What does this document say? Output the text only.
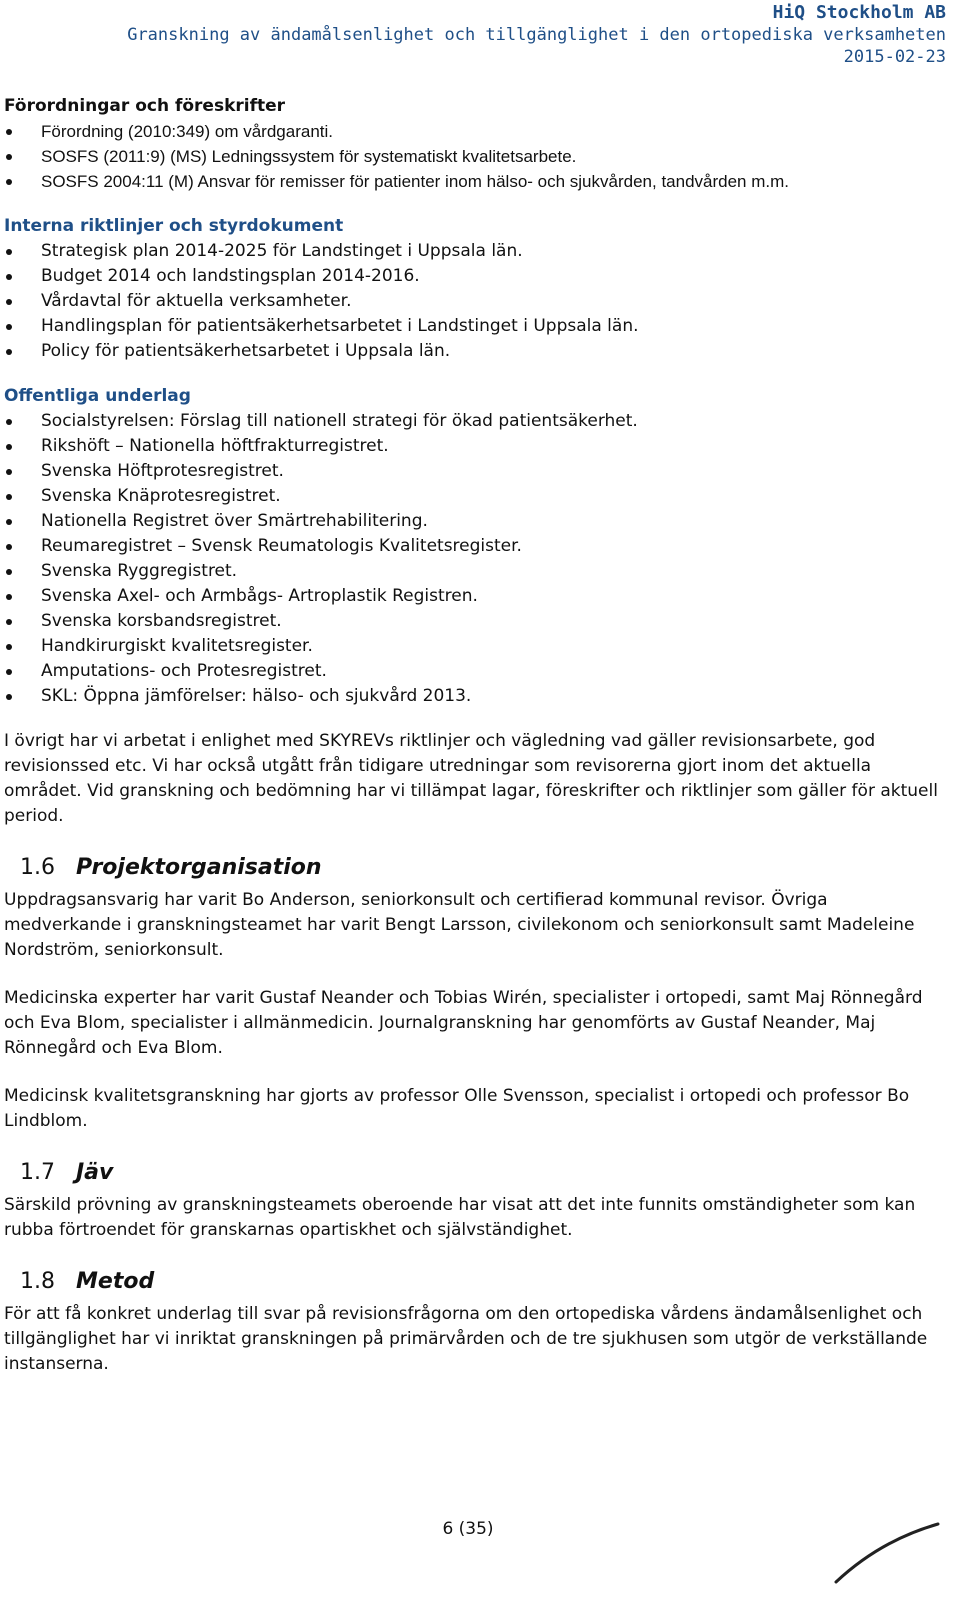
HiQ Stockholm AB
Granskning av ändamålsenlighet och tillgänglighet i den ortopediska verksamheten
2015-02-23
Förordningar och föreskrifter
Förordning (2010:349) om vårdgaranti.
SOSFS (2011:9) (MS) Ledningssystem för systematiskt kvalitetsarbete.
SOSFS 2004:11 (M) Ansvar för remisser för patienter inom hälso- och sjukvården, tandvården m.m.
Interna riktlinjer och styrdokument
Strategisk plan 2014-2025 för Landstinget i Uppsala län.
Budget 2014 och landstingsplan 2014-2016.
Vårdavtal för aktuella verksamheter.
Handlingsplan för patientsäkerhetsarbetet i Landstinget i Uppsala län.
Policy för patientsäkerhetsarbetet i Uppsala län.
Offentliga underlag
Socialstyrelsen: Förslag till nationell strategi för ökad patientsäkerhet.
Rikshöft – Nationella höftfrakturregistret.
Svenska Höftprotesregistret.
Svenska Knäprotesregistret.
Nationella Registret över Smärtrehabilitering.
Reumaregistret – Svensk Reumatologis Kvalitetsregister.
Svenska Ryggregistret.
Svenska Axel- och Armbågs- Artroplastik Registren.
Svenska korsbandsregistret.
Handkirurgiskt kvalitetsregister.
Amputations- och Protesregistret.
SKL: Öppna jämförelser: hälso- och sjukvård 2013.

I övrigt har vi arbetat i enlighet med SKYREVs riktlinjer och vägledning vad gäller revisionsarbete, god revisionssed etc. Vi har också utgått från tidigare utredningar som revisorerna gjort inom det aktuella området. Vid granskning och bedömning har vi tillämpat lagar, föreskrifter och riktlinjer som gäller för aktuell period.

1.6 Projektorganisation

Uppdragsansvarig har varit Bo Anderson, seniorkonsult och certifierad kommunal revisor. Övriga medverkande i granskningsteamet har varit Bengt Larsson, civilekonom och seniorkonsult samt Madeleine Nordström, seniorkonsult.

Medicinska experter har varit Gustaf Neander och Tobias Wirén, specialister i ortopedi, samt Maj Rönnegård och Eva Blom, specialister i allmänmedicin. Journalgranskning har genomförts av Gustaf Neander, Maj Rönnegård och Eva Blom.

Medicinsk kvalitetsgranskning har gjorts av professor Olle Svensson, specialist i ortopedi och professor Bo Lindblom.

1.7 Jäv

Särskild prövning av granskningsteamets oberoende har visat att det inte funnits omständigheter som kan rubba förtroendet för granskarnas opartiskhet och självständighet.

1.8 Metod

För att få konkret underlag till svar på revisionsfrågorna om den ortopediska vårdens ändamålsenlighet och tillgänglighet har vi inriktat granskningen på primärvården och de tre sjukhusen som utgör de verkställande instanserna.

6 (35)
